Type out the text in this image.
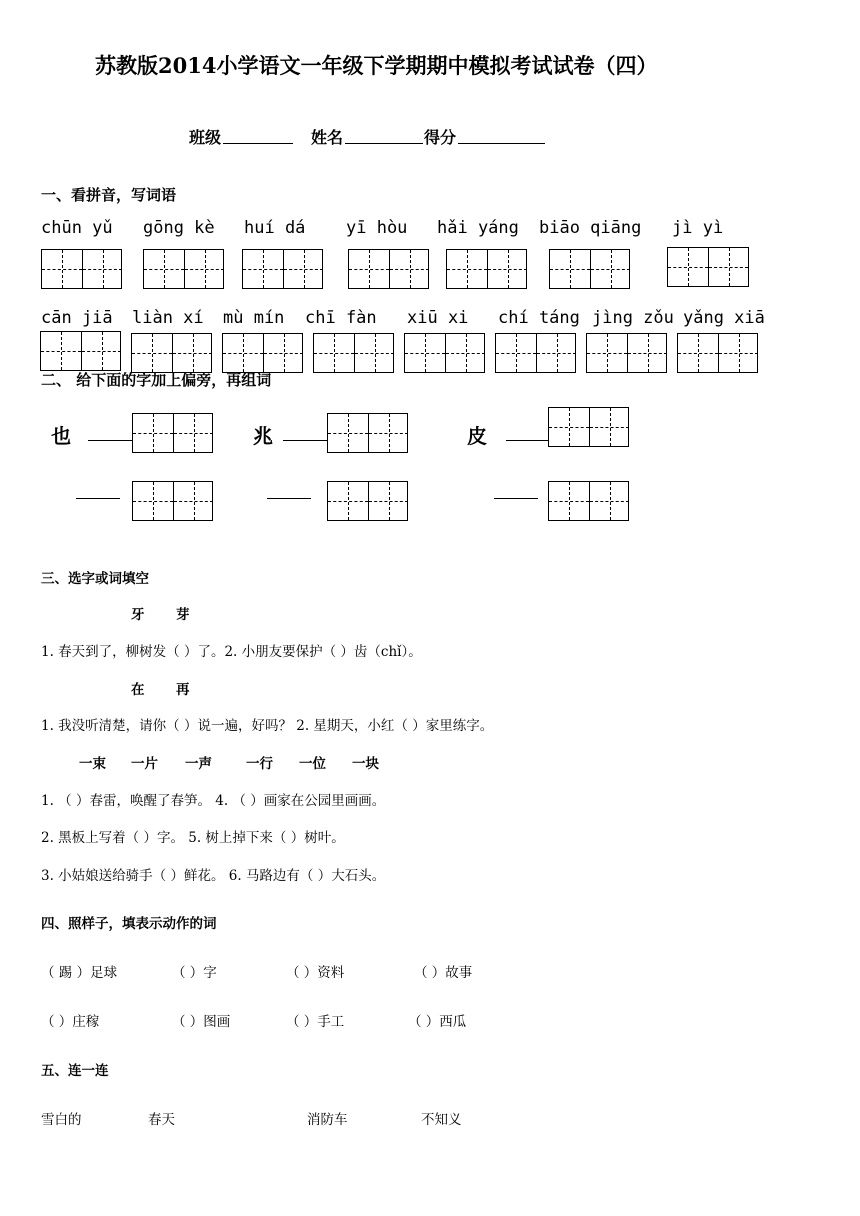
苏教版2014小学语文一年级下学期期中模拟考试试卷（四）
班级	姓名	得分
一、看拼音，写词语
chūn yǔ gōng kè huí dá yī hòu hǎi yáng biāo qiāng jì yì
cān jiā liàn xí mù mín chī fàn xiū xi chí táng jìng zǒu yǎng xiā
二、 给下面的字加上偏旁，再组词
也	兆	皮
三、选字或词填空
牙 芽
1. 春天到了，柳树发（ ）了。2. 小朋友要保护（ ）齿（chǐ）。
在 再
1. 我没听清楚，请你（ ）说一遍，好吗？ 2. 星期天，小红（ ）家里练字。
一束 一片 一声	一行 一位 一块
1. （ ）春雷，唤醒了春笋。 4. （ ）画家在公园里画画。
2. 黑板上写着（ ）字。 5. 树上掉下来（ ）树叶。
3. 小姑娘送给骑手（ ）鲜花。 6. 马路边有（ ）大石头。
四、照样子，填表示动作的词
（ 踢 ）足球	（ ）字	（ ）资料	（ ）故事
（ ）庄稼	（ ）图画	（ ）手工	（ ）西瓜
五、连一连
雪白的	春天	消防车	不知义
